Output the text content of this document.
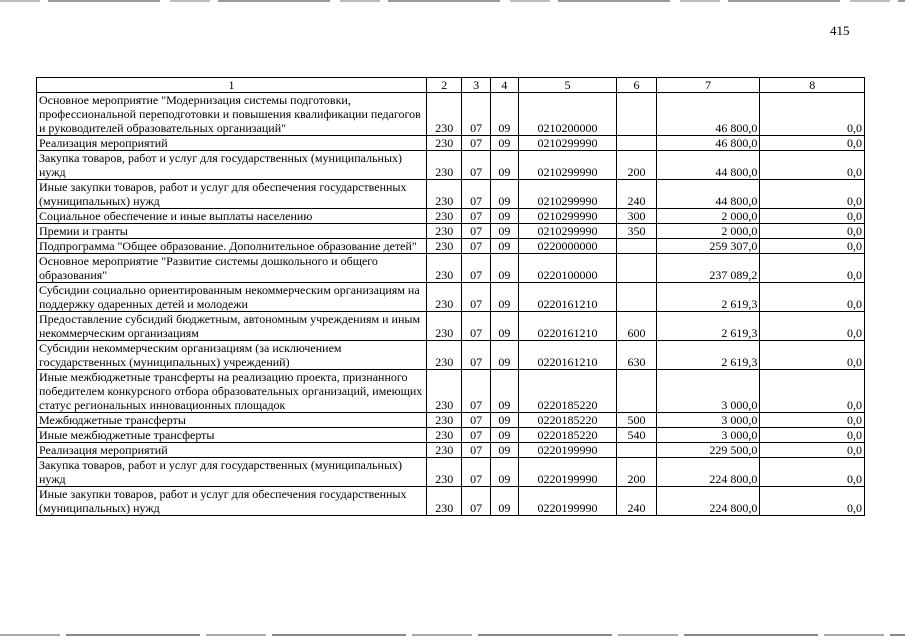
415
1	2	3	4	5	6	7	8
Основное мероприятие "Модернизация системы подготовки, профессиональной переподготовки и повышения квалификации педагогов и руководителей образовательных организаций"	230	07	09	0210200000		46 800,0	0,0
Реализация мероприятий	230	07	09	0210299990		46 800,0	0,0
Закупка товаров, работ и услуг для государственных (муниципальных) нужд	230	07	09	0210299990	200	44 800,0	0,0
Иные закупки товаров, работ и услуг для обеспечения государственных (муниципальных) нужд	230	07	09	0210299990	240	44 800,0	0,0
Социальное обеспечение и иные выплаты населению	230	07	09	0210299990	300	2 000,0	0,0
Премии и гранты	230	07	09	0210299990	350	2 000,0	0,0
Подпрограмма "Общее образование. Дополнительное образование детей"	230	07	09	0220000000		259 307,0	0,0
Основное мероприятие "Развитие системы дошкольного и общего образования"	230	07	09	0220100000		237 089,2	0,0
Субсидии социально ориентированным некоммерческим организациям на поддержку одаренных детей и молодежи	230	07	09	0220161210		2 619,3	0,0
Предоставление субсидий бюджетным, автономным учреждениям и иным некоммерческим организациям	230	07	09	0220161210	600	2 619,3	0,0
Субсидии некоммерческим организациям (за исключением государственных (муниципальных) учреждений)	230	07	09	0220161210	630	2 619,3	0,0
Иные межбюджетные трансферты на реализацию проекта, признанного победителем конкурсного отбора образовательных организаций, имеющих статус региональных инновационных площадок	230	07	09	0220185220		3 000,0	0,0
Межбюджетные трансферты	230	07	09	0220185220	500	3 000,0	0,0
Иные межбюджетные трансферты	230	07	09	0220185220	540	3 000,0	0,0
Реализация мероприятий	230	07	09	0220199990		229 500,0	0,0
Закупка товаров, работ и услуг для государственных (муниципальных) нужд	230	07	09	0220199990	200	224 800,0	0,0
Иные закупки товаров, работ и услуг для обеспечения государственных (муниципальных) нужд	230	07	09	0220199990	240	224 800,0	0,0
